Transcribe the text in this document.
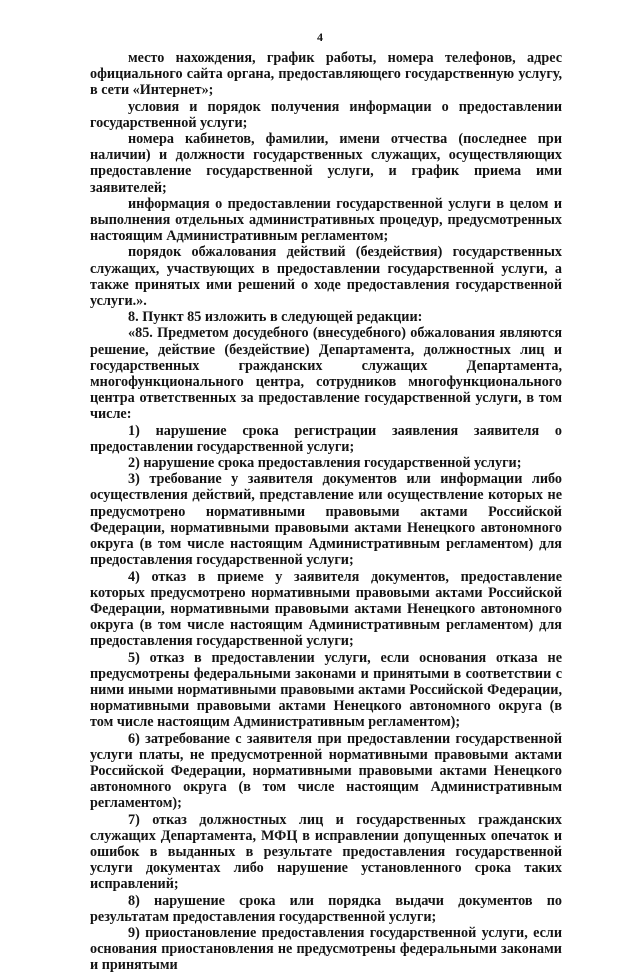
4

место нахождения, график работы, номера телефонов, адрес официального сайта органа, предоставляющего государственную услугу, в сети «Интернет»;

условия и порядок получения информации о предоставлении государственной услуги;

номера кабинетов, фамилии, имени отчества (последнее при наличии) и должности государственных служащих, осуществляющих предоставление государственной услуги, и график приема ими заявителей;

информация о предоставлении государственной услуги в целом и выполнения отдельных административных процедур, предусмотренных настоящим Административным регламентом;

порядок обжалования действий (бездействия) государственных служащих, участвующих в предоставлении государственной услуги, а также принятых ими решений о ходе предоставления государственной услуги.».

8. Пункт 85 изложить в следующей редакции:

«85. Предметом досудебного (внесудебного) обжалования являются решение, действие (бездействие) Департамента, должностных лиц и государственных гражданских служащих Департамента, многофункционального центра, сотрудников многофункционального центра ответственных за предоставление государственной услуги, в том числе:

1) нарушение срока регистрации заявления заявителя о предоставлении государственной услуги;

2) нарушение срока предоставления государственной услуги;

3) требование у заявителя документов или информации либо осуществления действий, представление или осуществление которых не предусмотрено нормативными правовыми актами Российской Федерации, нормативными правовыми актами Ненецкого автономного округа (в том числе настоящим Административным регламентом) для предоставления государственной услуги;

4) отказ в приеме у заявителя документов, предоставление которых предусмотрено нормативными правовыми актами Российской Федерации, нормативными правовыми актами Ненецкого автономного округа (в том числе настоящим Административным регламентом) для предоставления государственной услуги;

5) отказ в предоставлении услуги, если основания отказа не предусмотрены федеральными законами и принятыми в соответствии с ними иными нормативными правовыми актами Российской Федерации, нормативными правовыми актами Ненецкого автономного округа (в том числе настоящим Административным регламентом);

6) затребование с заявителя при предоставлении государственной услуги платы, не предусмотренной нормативными правовыми актами Российской Федерации, нормативными правовыми актами Ненецкого автономного округа (в том числе настоящим Административным регламентом);

7) отказ должностных лиц и государственных гражданских служащих Департамента, МФЦ в исправлении допущенных опечаток и ошибок в выданных в результате предоставления государственной услуги документах либо нарушение установленного срока таких исправлений;

8) нарушение срока или порядка выдачи документов по результатам предоставления государственной услуги;

9) приостановление предоставления государственной услуги, если основания приостановления не предусмотрены федеральными законами и принятыми
